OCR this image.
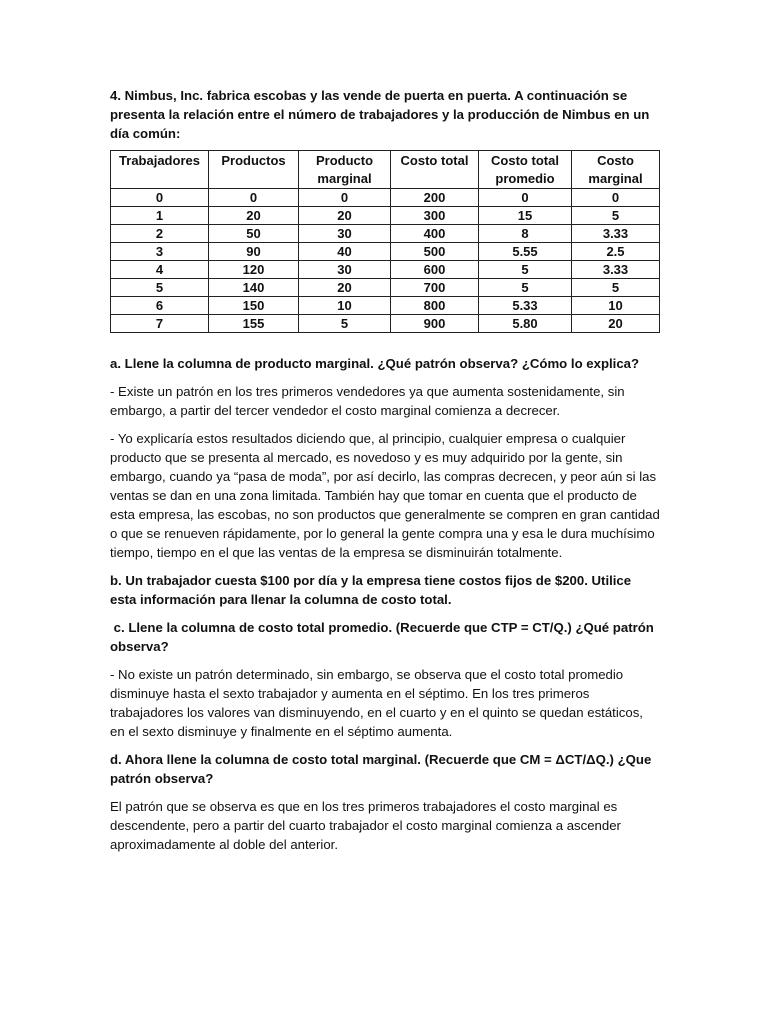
4. Nimbus, Inc. fabrica escobas y las vende de puerta en puerta. A continuación se presenta la relación entre el número de trabajadores y la producción de Nimbus en un día común:

Trabajadores	Productos	Producto marginal	Costo total	Costo total promedio	Costo marginal
0	0	0	200	0	0
1	20	20	300	15	5
2	50	30	400	8	3.33
3	90	40	500	5.55	2.5
4	120	30	600	5	3.33
5	140	20	700	5	5
6	150	10	800	5.33	10
7	155	5	900	5.80	20

a. Llene la columna de producto marginal. ¿Qué patrón observa? ¿Cómo lo explica?

- Existe un patrón en los tres primeros vendedores ya que aumenta sostenidamente, sin embargo, a partir del tercer vendedor el costo marginal comienza a decrecer.

- Yo explicaría estos resultados diciendo que, al principio, cualquier empresa o cualquier producto que se presenta al mercado, es novedoso y es muy adquirido por la gente, sin embargo, cuando ya “pasa de moda”, por así decirlo, las compras decrecen, y peor aún si las ventas se dan en una zona limitada. También hay que tomar en cuenta que el producto de esta empresa, las escobas, no son productos que generalmente se compren en gran cantidad o que se renueven rápidamente, por lo general la gente compra una y esa le dura muchísimo tiempo, tiempo en el que las ventas de la empresa se disminuirán totalmente.

b. Un trabajador cuesta $100 por día y la empresa tiene costos fijos de $200. Utilice esta información para llenar la columna de costo total.

c. Llene la columna de costo total promedio. (Recuerde que CTP = CT/Q.) ¿Qué patrón observa?

- No existe un patrón determinado, sin embargo, se observa que el costo total promedio disminuye hasta el sexto trabajador y aumenta en el séptimo. En los tres primeros trabajadores los valores van disminuyendo, en el cuarto y en el quinto se quedan estáticos, en el sexto disminuye y finalmente en el séptimo aumenta.

d. Ahora llene la columna de costo total marginal. (Recuerde que CM = ΔCT/ΔQ.) ¿Que patrón observa?

El patrón que se observa es que en los tres primeros trabajadores el costo marginal es descendente, pero a partir del cuarto trabajador el costo marginal comienza a ascender aproximadamente al doble del anterior.
